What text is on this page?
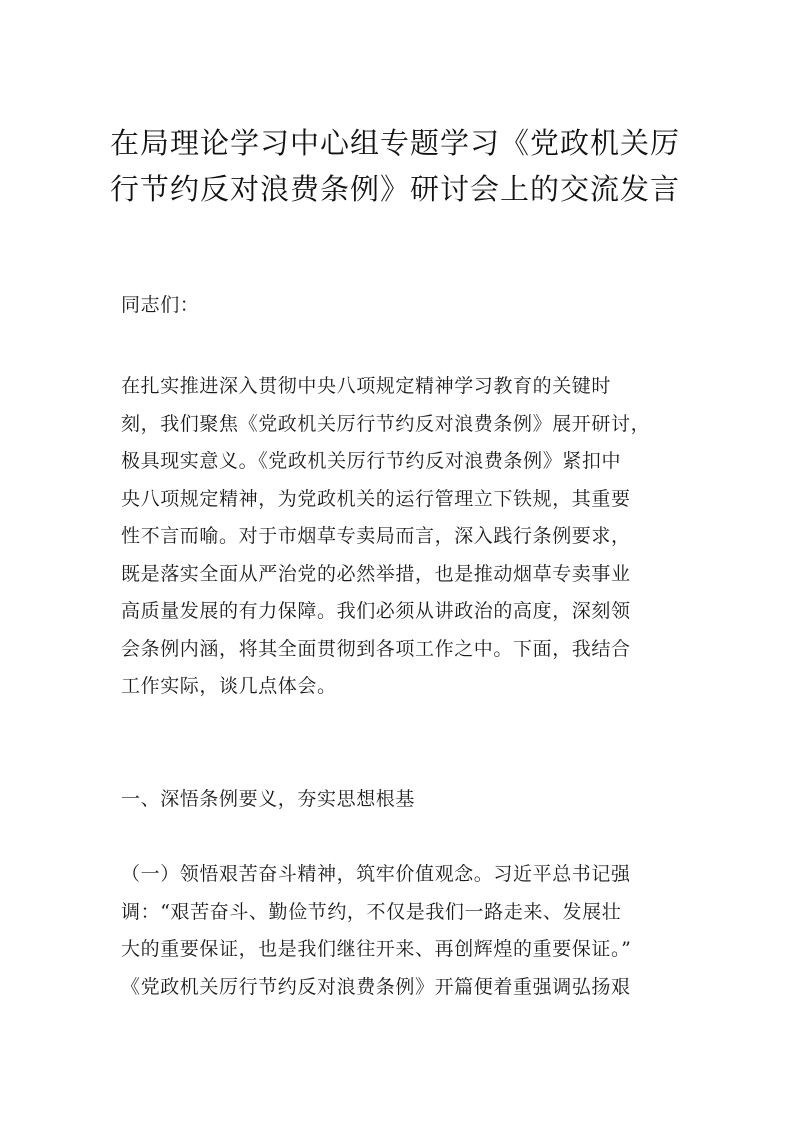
在局理论学习中心组专题学习《党政机关厉
行节约反对浪费条例》研讨会上的交流发言

同志们：

在扎实推进深入贯彻中央八项规定精神学习教育的关键时
刻，我们聚焦《党政机关厉行节约反对浪费条例》展开研讨，
极具现实意义。《党政机关厉行节约反对浪费条例》紧扣中
央八项规定精神，为党政机关的运行管理立下铁规，其重要
性不言而喻。对于市烟草专卖局而言，深入践行条例要求，
既是落实全面从严治党的必然举措，也是推动烟草专卖事业
高质量发展的有力保障。我们必须从讲政治的高度，深刻领
会条例内涵，将其全面贯彻到各项工作之中。下面，我结合
工作实际，谈几点体会。

一、深悟条例要义，夯实思想根基

（一）领悟艰苦奋斗精神，筑牢价值观念。习近平总书记强
调：“艰苦奋斗、勤俭节约，不仅是我们一路走来、发展壮
大的重要保证，也是我们继往开来、再创辉煌的重要保证。”
《党政机关厉行节约反对浪费条例》开篇便着重强调弘扬艰
